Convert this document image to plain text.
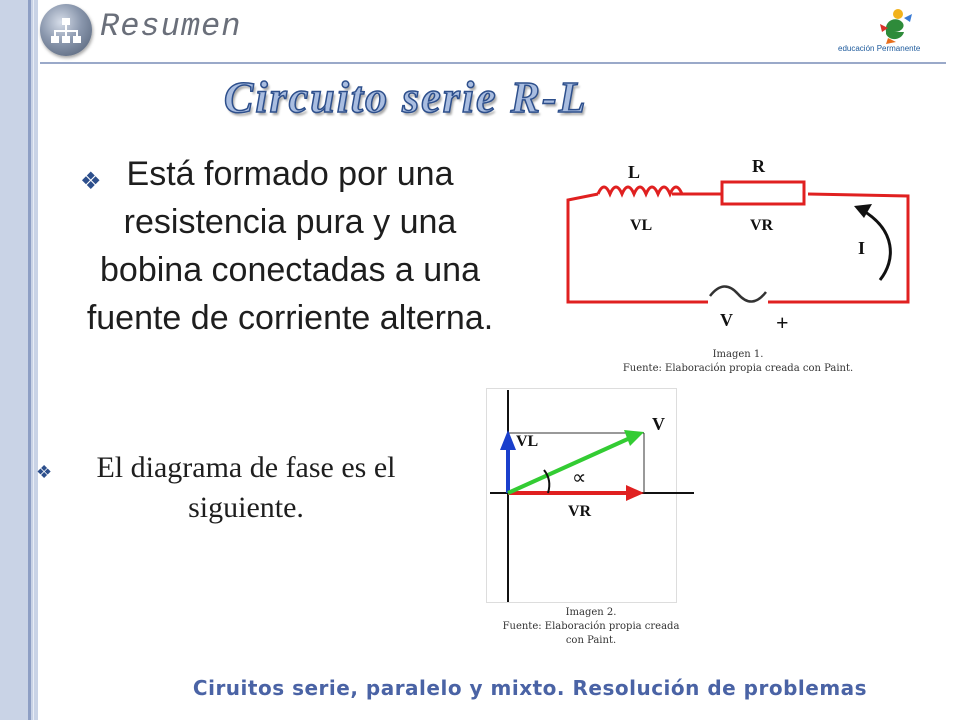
Resumen
educación Permanente
Circuito serie R-L
❖ Está formado por una resistencia pura y una bobina conectadas a una fuente de corriente alterna.
❖ El diagrama de fase es el siguiente.
L	R
VL	VR
I
V +
Imagen 1.
Fuente: Elaboración propia creada con Paint.
VL
V
VR
∝
Imagen 2.
Fuente: Elaboración propia creada
con Paint.
Ciruitos serie, paralelo y mixto. Resolución de problemas
